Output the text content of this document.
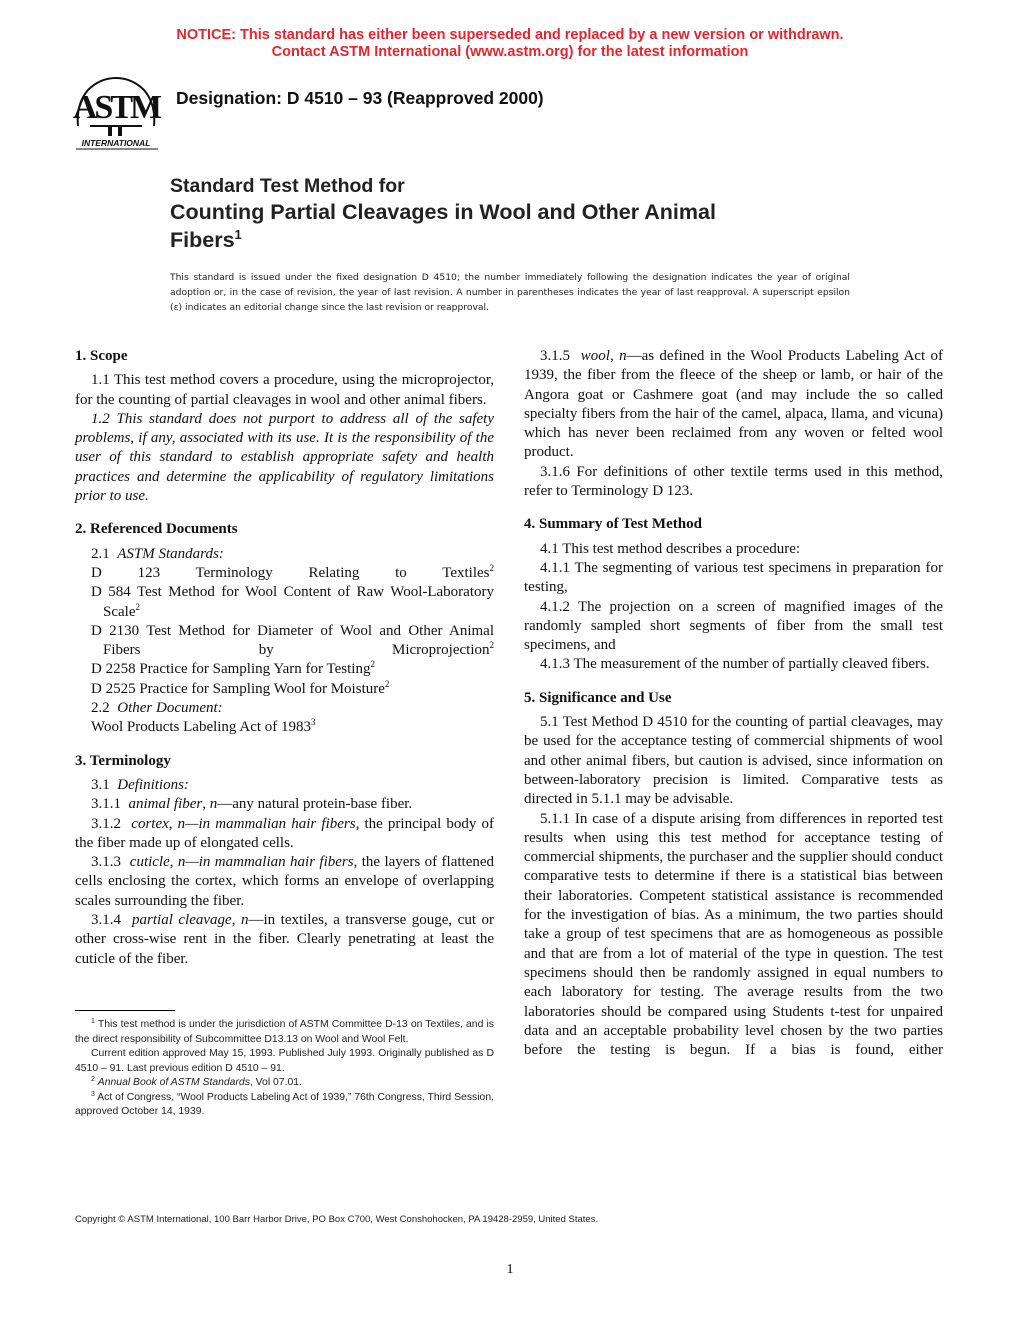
NOTICE: This standard has either been superseded and replaced by a new version or withdrawn.
Contact ASTM International (www.astm.org) for the latest information
ASTM
INTERNATIONAL
Designation: D 4510 – 93 (Reapproved 2000)
Standard Test Method for
Counting Partial Cleavages in Wool and Other Animal
Fibers$^1$
This standard is issued under the fixed designation D 4510; the number immediately following the designation indicates the year of original adoption or, in the case of revision, the year of last revision. A number in parentheses indicates the year of last reapproval. A superscript epsilon (ε) indicates an editorial change since the last revision or reapproval.
1. Scope

1.1 This test method covers a procedure, using the microprojector, for the counting of partial cleavages in wool and other animal fibers.

1.2 This standard does not purport to address all of the safety problems, if any, associated with its use. It is the responsibility of the user of this standard to establish appropriate safety and health practices and determine the applicability of regulatory limitations prior to use.

2. Referenced Documents

2.1 ASTM Standards:

D 123 Terminology Relating to Textiles$^2$

D 584 Test Method for Wool Content of Raw Wool-Laboratory Scale$^2$

D 2130 Test Method for Diameter of Wool and Other Animal Fibers by Microprojection$^2$

D 2258 Practice for Sampling Yarn for Testing$^2$

D 2525 Practice for Sampling Wool for Moisture$^2$

2.2 Other Document:

Wool Products Labeling Act of 1983$^3$

3. Terminology

3.1 Definitions:

3.1.1 animal fiber, n—any natural protein-base fiber.

3.1.2 cortex, n—in mammalian hair fibers, the principal body of the fiber made up of elongated cells.

3.1.3 cuticle, n—in mammalian hair fibers, the layers of flattened cells enclosing the cortex, which forms an envelope of overlapping scales surrounding the fiber.

3.1.4 partial cleavage, n—in textiles, a transverse gouge, cut or other cross-wise rent in the fiber. Clearly penetrating at least the cuticle of the fiber.

3.1.5 wool, n—as defined in the Wool Products Labeling Act of 1939, the fiber from the fleece of the sheep or lamb, or hair of the Angora goat or Cashmere goat (and may include the so called specialty fibers from the hair of the camel, alpaca, llama, and vicuna) which has never been reclaimed from any woven or felted wool product.

3.1.6 For definitions of other textile terms used in this method, refer to Terminology D 123.

4. Summary of Test Method

4.1 This test method describes a procedure:

4.1.1 The segmenting of various test specimens in preparation for testing,

4.1.2 The projection on a screen of magnified images of the randomly sampled short segments of fiber from the small test specimens, and

4.1.3 The measurement of the number of partially cleaved fibers.

5. Significance and Use

5.1 Test Method D 4510 for the counting of partial cleavages, may be used for the acceptance testing of commercial shipments of wool and other animal fibers, but caution is advised, since information on between-laboratory precision is limited. Comparative tests as directed in 5.1.1 may be advisable.

5.1.1 In case of a dispute arising from differences in reported test results when using this test method for acceptance testing of commercial shipments, the purchaser and the supplier should conduct comparative tests to determine if there is a statistical bias between their laboratories. Competent statistical assistance is recommended for the investigation of bias. As a minimum, the two parties should take a group of test specimens that are as homogeneous as possible and that are from a lot of material of the type in question. The test specimens should then be randomly assigned in equal numbers to each laboratory for testing. The average results from the two laboratories should be compared using Students t-test for unpaired data and an acceptable probability level chosen by the two parties before the testing is begun. If a bias is found, either

$^1$ This test method is under the jurisdiction of ASTM Committee D-13 on Textiles, and is the direct responsibility of Subcommittee D13.13 on Wool and Wool Felt.

Current edition approved May 15, 1993. Published July 1993. Originally published as D 4510 – 91. Last previous edition D 4510 – 91.

$^2$ Annual Book of ASTM Standards, Vol 07.01.

$^3$ Act of Congress, “Wool Products Labeling Act of 1939,” 76th Congress, Third Session, approved October 14, 1939.

Copyright © ASTM International, 100 Barr Harbor Drive, PO Box C700, West Conshohocken, PA 19428-2959, United States.
1
